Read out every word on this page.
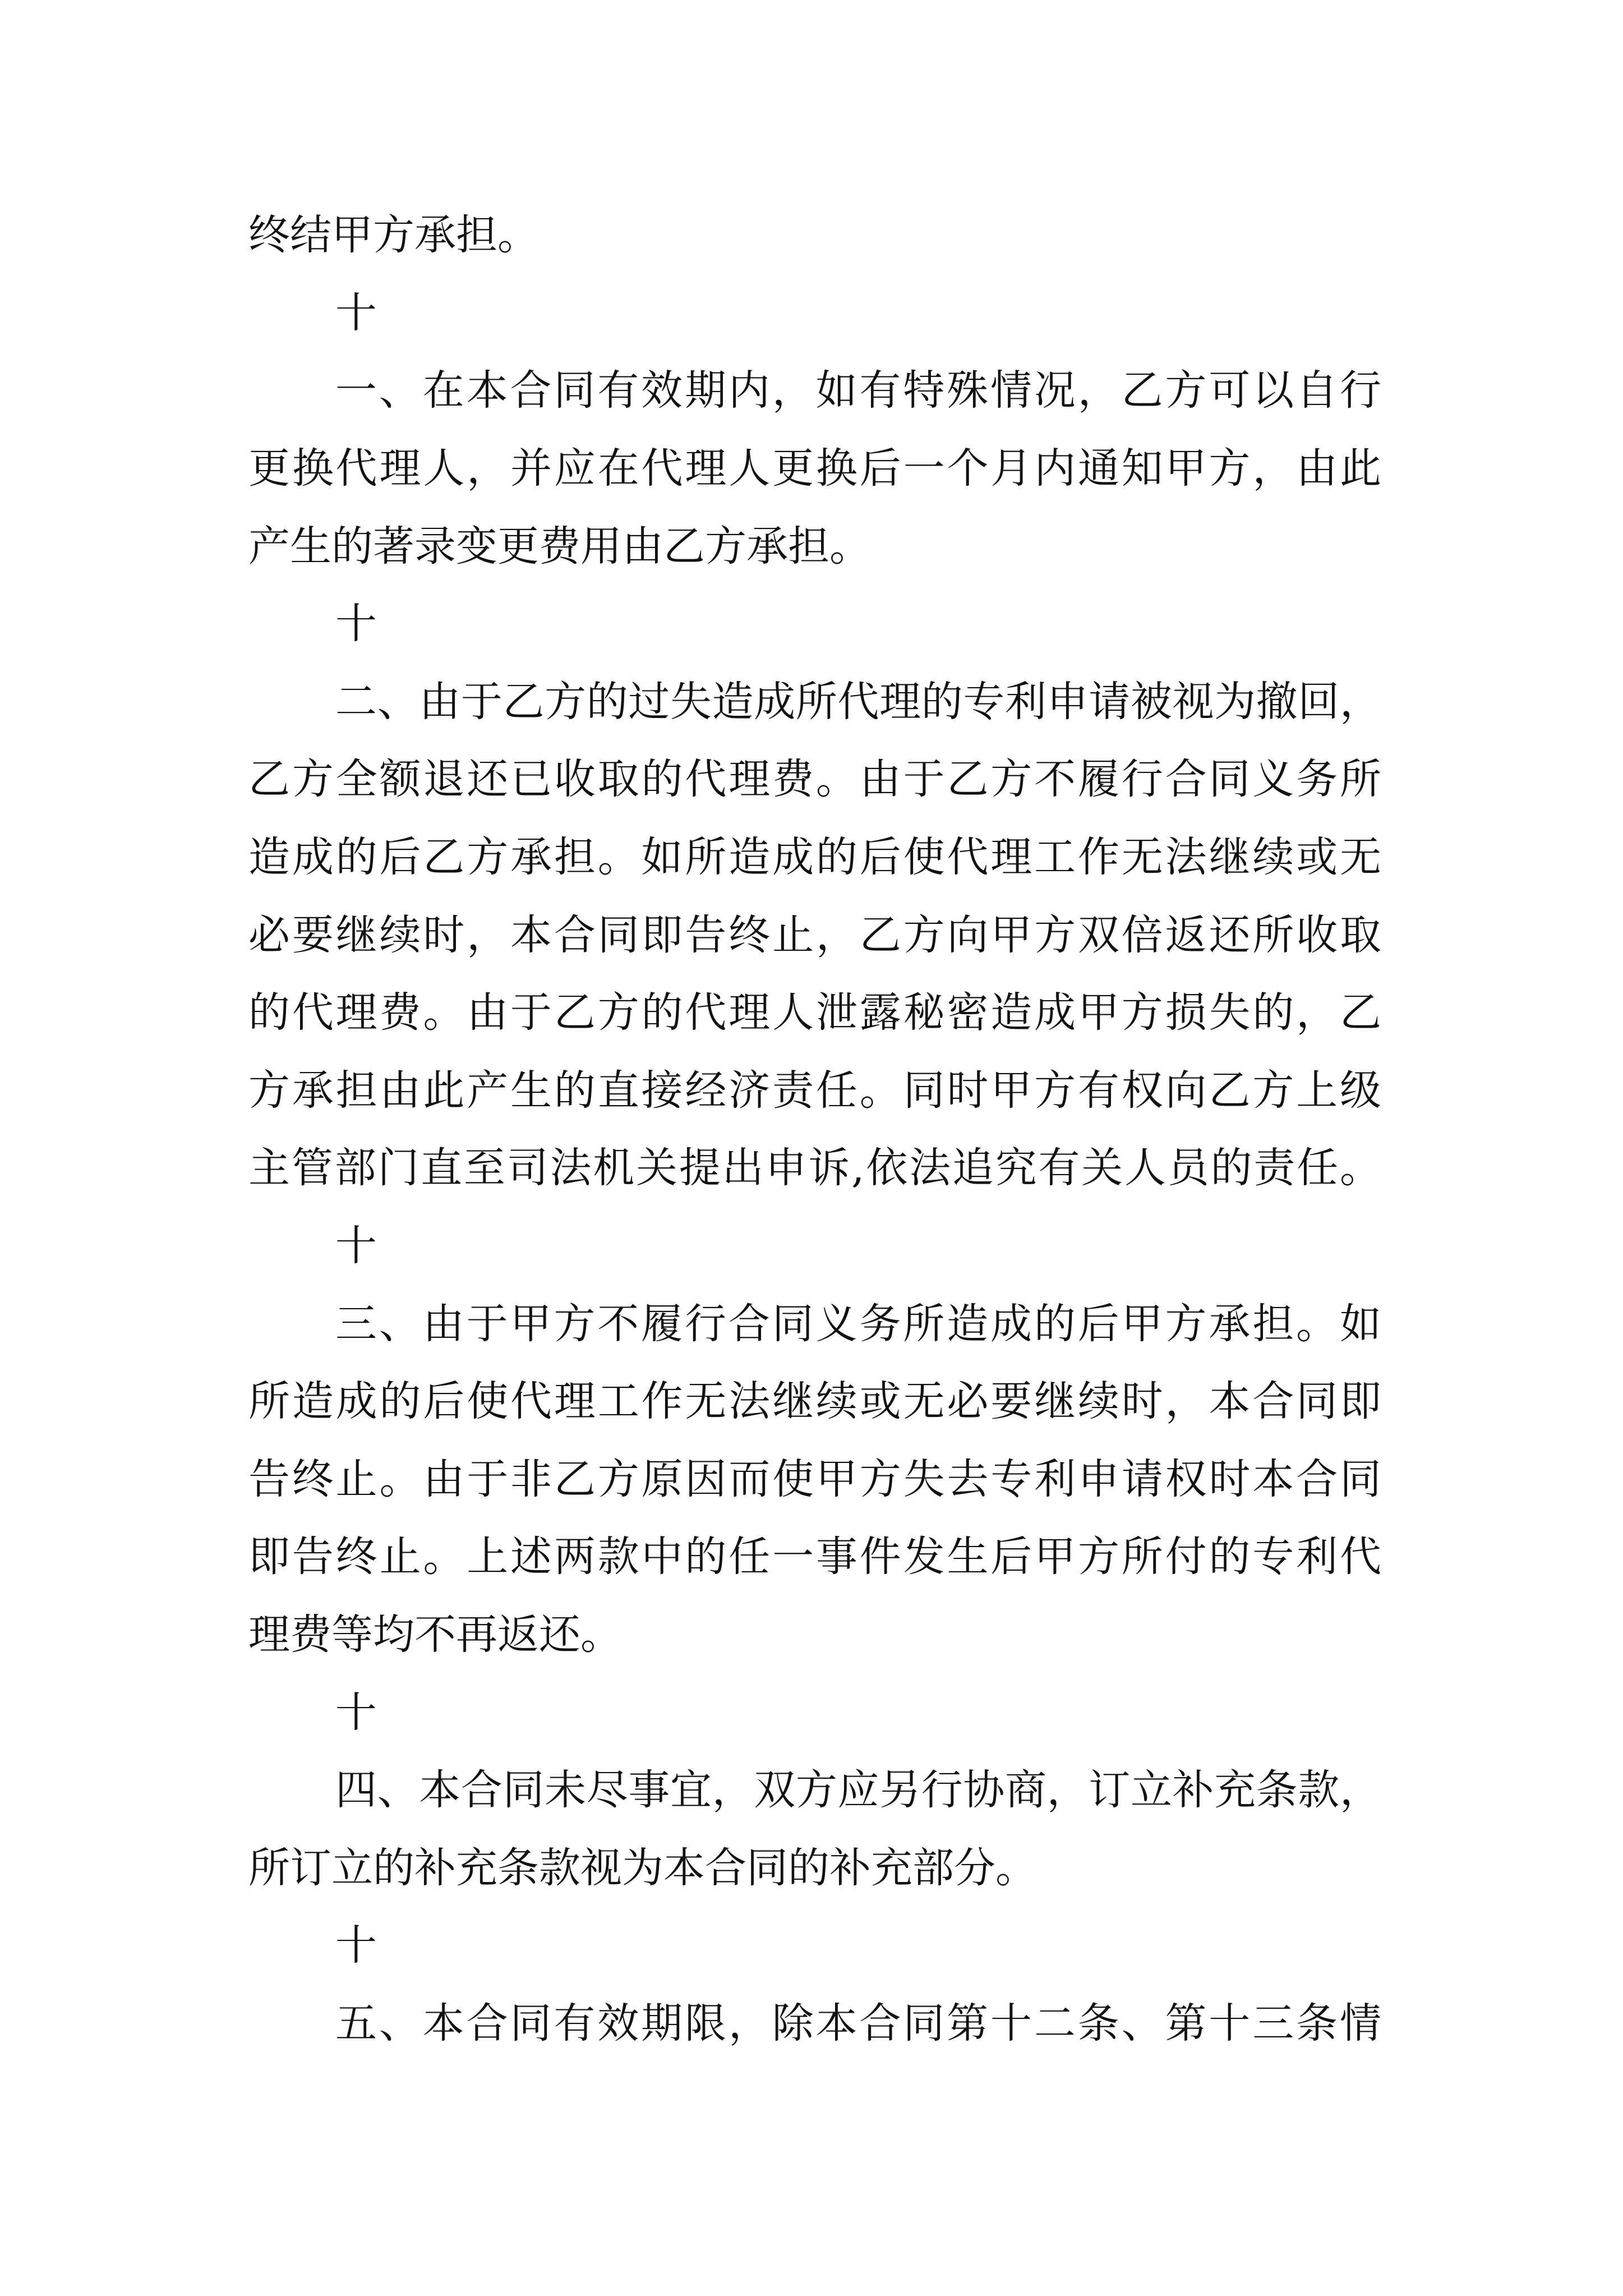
终结甲方承担。
十
一、在本合同有效期内，如有特殊情况，乙方可以自行
更换代理人，并应在代理人更换后一个月内通知甲方，由此
产生的著录变更费用由乙方承担。
十
二、由于乙方的过失造成所代理的专利申请被视为撤回，
乙方全额退还已收取的代理费。由于乙方不履行合同义务所
造成的后乙方承担。如所造成的后使代理工作无法继续或无
必要继续时，本合同即告终止，乙方向甲方双倍返还所收取
的代理费。由于乙方的代理人泄露秘密造成甲方损失的，乙
方承担由此产生的直接经济责任。同时甲方有权向乙方上级
主管部门直至司法机关提出申诉,依法追究有关人员的责任。
十
三、由于甲方不履行合同义务所造成的后甲方承担。如
所造成的后使代理工作无法继续或无必要继续时，本合同即
告终止。由于非乙方原因而使甲方失去专利申请权时本合同
即告终止。上述两款中的任一事件发生后甲方所付的专利代
理费等均不再返还。
十
四、本合同未尽事宜，双方应另行协商，订立补充条款，
所订立的补充条款视为本合同的补充部分。
十
五、本合同有效期限，除本合同第十二条、第十三条情
